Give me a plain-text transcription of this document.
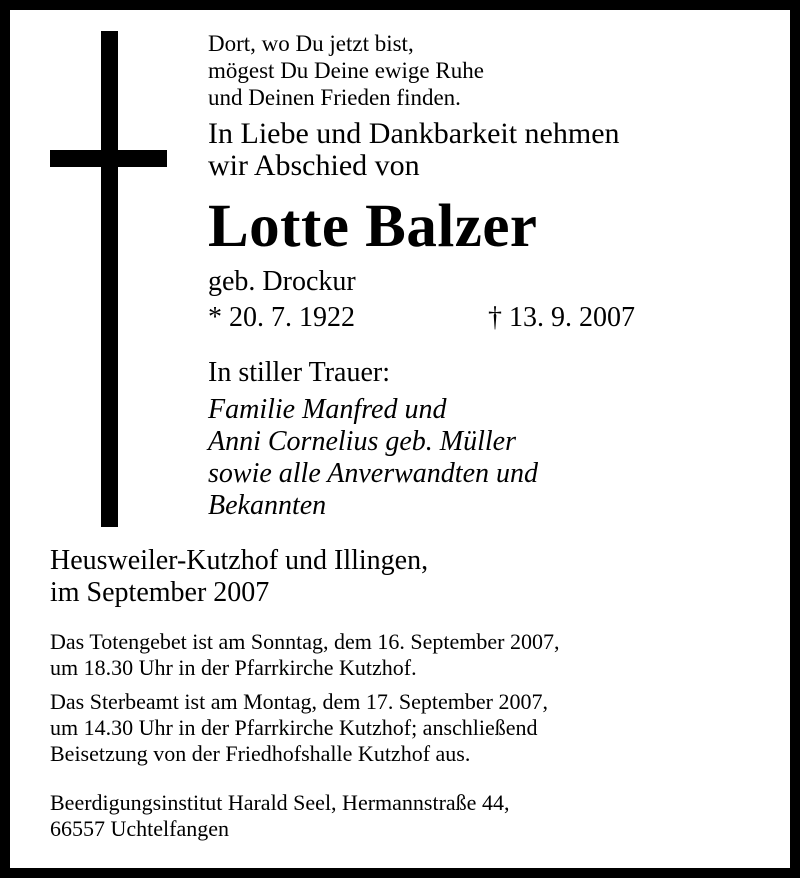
Dort, wo Du jetzt bist,
mögest Du Deine ewige Ruhe
und Deinen Frieden finden.
In Liebe und Dankbarkeit nehmen
wir Abschied von
Lotte Balzer
geb. Drockur
* 20. 7. 1922	† 13. 9. 2007
In stiller Trauer:
Familie Manfred und
Anni Cornelius geb. Müller
sowie alle Anverwandten und
Bekannten
Heusweiler-Kutzhof und Illingen,
im September 2007
Das Totengebet ist am Sonntag, dem 16. September 2007,
um 18.30 Uhr in der Pfarrkirche Kutzhof.
Das Sterbeamt ist am Montag, dem 17. September 2007,
um 14.30 Uhr in der Pfarrkirche Kutzhof; anschließend
Beisetzung von der Friedhofshalle Kutzhof aus.
Beerdigungsinstitut Harald Seel, Hermannstraße 44,
66557 Uchtelfangen
